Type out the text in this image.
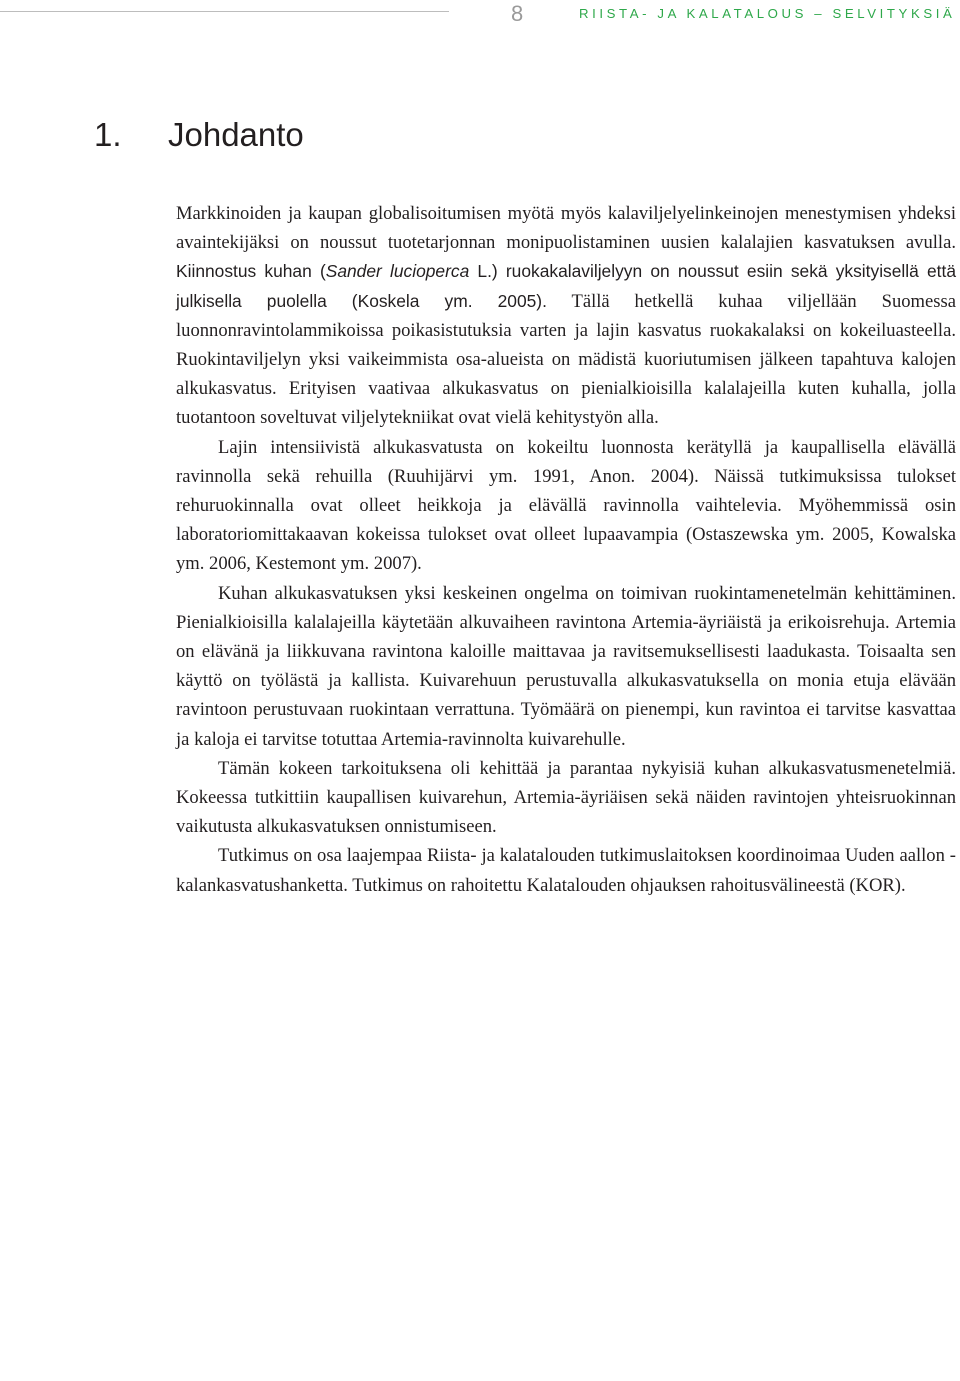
8	RIISTA- JA KALATALOUS – SELVITYKSIÄ
1. Johdanto

Markkinoiden ja kaupan globalisoitumisen myötä myös kalaviljelyelinkeinojen menestymisen yhdeksi avaintekijäksi on noussut tuotetarjonnan monipuolistaminen uusien kalalajien kasvatuksen avulla. Kiinnostus kuhan (Sander lucioperca L.) ruokakalaviljelyyn on noussut esiin sekä yksityisellä että julkisella puolella (Koskela ym. 2005). Tällä hetkellä kuhaa viljellään Suomessa luonnonravintolammikoissa poikasistutuksia varten ja lajin kasvatus ruokakalaksi on kokeiluasteella. Ruokintaviljelyn yksi vaikeimmista osa-alueista on mädistä kuoriutumisen jälkeen tapahtuva kalojen alkukasvatus. Erityisen vaativaa alkukasvatus on pienialkioisilla kalalajeilla kuten kuhalla, jolla tuotantoon soveltuvat viljelytekniikat ovat vielä kehitystyön alla.

Lajin intensiivistä alkukasvatusta on kokeiltu luonnosta kerätyllä ja kaupallisella elävällä ravinnolla sekä rehuilla (Ruuhijärvi ym. 1991, Anon. 2004). Näissä tutkimuksissa tulokset rehuruokinnalla ovat olleet heikkoja ja elävällä ravinnolla vaihtelevia. Myöhemmissä osin laboratoriomittakaavan kokeissa tulokset ovat olleet lupaavampia (Ostaszewska ym. 2005, Kowalska ym. 2006, Kestemont ym. 2007).

Kuhan alkukasvatuksen yksi keskeinen ongelma on toimivan ruokintamenetelmän kehittäminen. Pienialkioisilla kalalajeilla käytetään alkuvaiheen ravintona Artemia-äyriäistä ja erikoisrehuja. Artemia on elävänä ja liikkuvana ravintona kaloille maittavaa ja ravitsemuksellisesti laadukasta. Toisaalta sen käyttö on työlästä ja kallista. Kuivarehuun perustuvalla alkukasvatuksella on monia etuja elävään ravintoon perustuvaan ruokintaan verrattuna. Työmäärä on pienempi, kun ravintoa ei tarvitse kasvattaa ja kaloja ei tarvitse totuttaa Artemia-ravinnolta kuivarehulle.

Tämän kokeen tarkoituksena oli kehittää ja parantaa nykyisiä kuhan alkukasvatusmenetelmiä. Kokeessa tutkittiin kaupallisen kuivarehun, Artemia-äyriäisen sekä näiden ravintojen yhteisruokinnan vaikutusta alkukasvatuksen onnistumiseen.

Tutkimus on osa laajempaa Riista- ja kalatalouden tutkimuslaitoksen koordinoimaa Uuden aallon - kalankasvatushanketta. Tutkimus on rahoitettu Kalatalouden ohjauksen rahoitusvälineestä (KOR).
